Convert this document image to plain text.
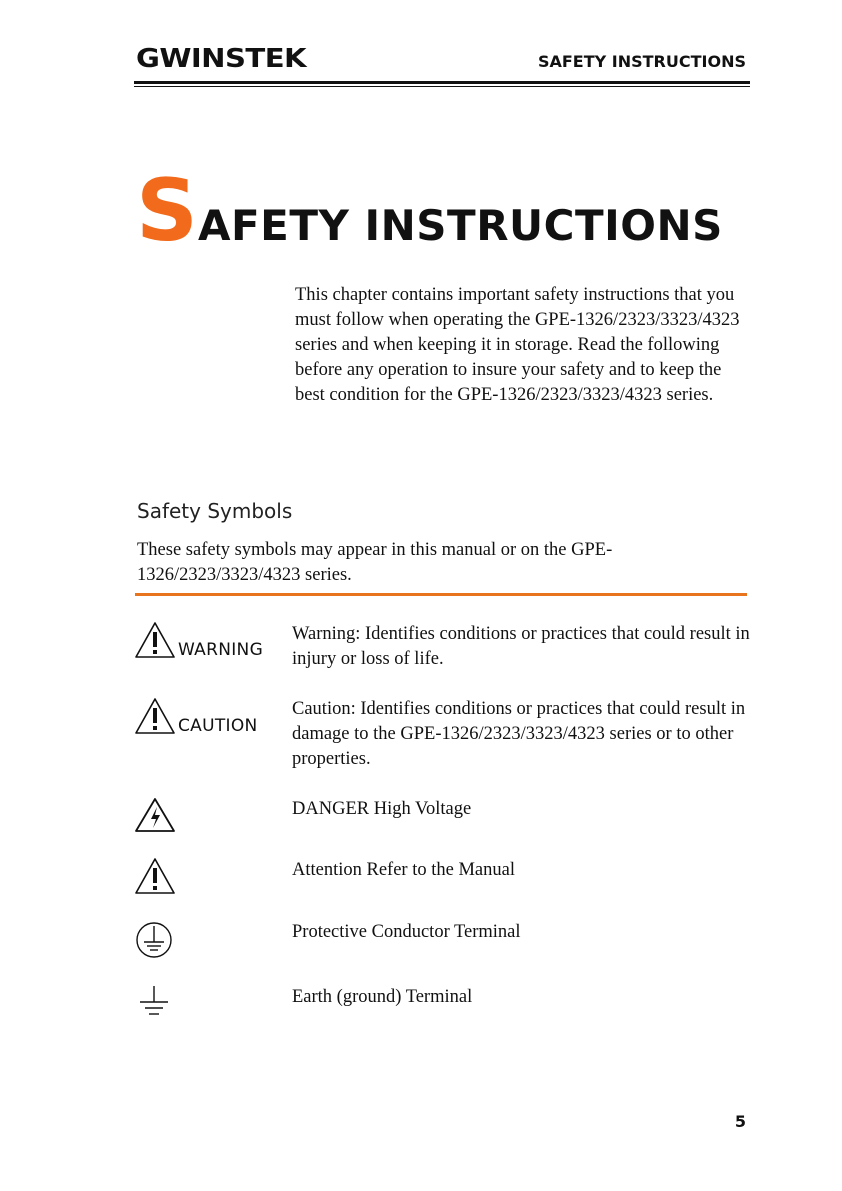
GWINSTEK	SAFETY INSTRUCTIONS
SAFETY INSTRUCTIONS
This chapter contains important safety instructions that you must follow when operating the GPE-1326/2323/3323/4323 series and when keeping it in storage. Read the following before any operation to insure your safety and to keep the best condition for the GPE-1326/2323/3323/4323 series.
Safety Symbols
These safety symbols may appear in this manual or on the GPE-1326/2323/3323/4323 series.
WARNING
Warning: Identifies conditions or practices that could result in injury or loss of life.
CAUTION
Caution: Identifies conditions or practices that could result in damage to the GPE-1326/2323/3323/4323 series or to other properties.
DANGER High Voltage
Attention Refer to the Manual
Protective Conductor Terminal
Earth (ground) Terminal
5
